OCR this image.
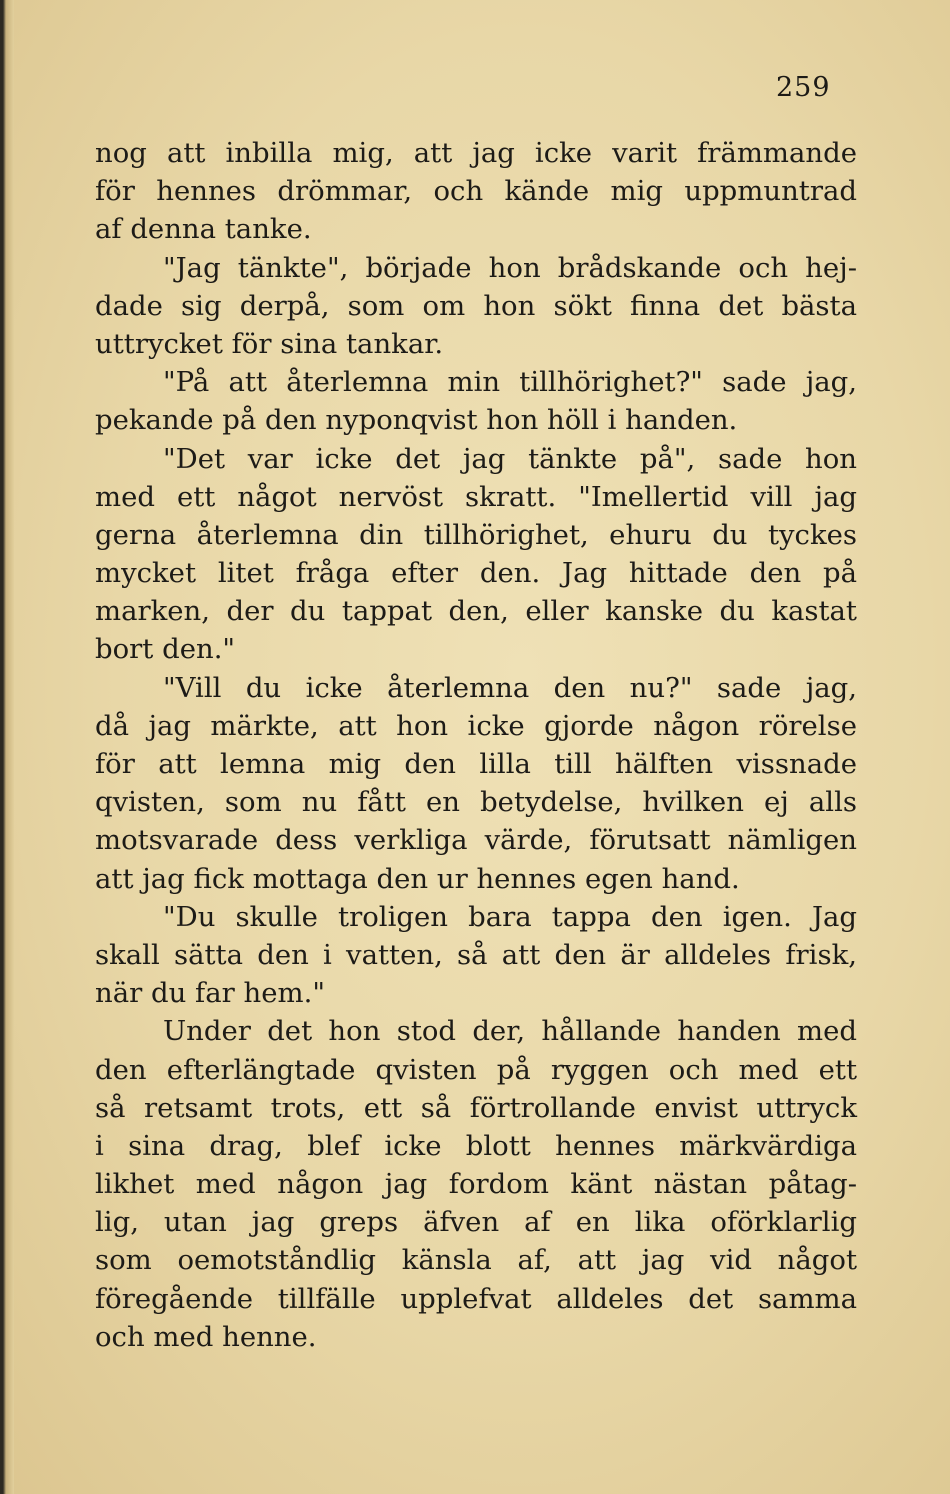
259
nog att inbilla mig, att jag icke varit främmande
för hennes drömmar, och kände mig uppmuntrad
af denna tanke.
"Jag tänkte", började hon brådskande och hej-
dade sig derpå, som om hon sökt finna det bästa
uttrycket för sina tankar.
"På att återlemna min tillhörighet?" sade jag,
pekande på den nyponqvist hon höll i handen.
"Det var icke det jag tänkte på", sade hon
med ett något nervöst skratt. "Imellertid vill jag
gerna återlemna din tillhörighet, ehuru du tyckes
mycket litet fråga efter den. Jag hittade den på
marken, der du tappat den, eller kanske du kastat
bort den."
"Vill du icke återlemna den nu?" sade jag,
då jag märkte, att hon icke gjorde någon rörelse
för att lemna mig den lilla till hälften vissnade
qvisten, som nu fått en betydelse, hvilken ej alls
motsvarade dess verkliga värde, förutsatt nämligen
att jag fick mottaga den ur hennes egen hand.
"Du skulle troligen bara tappa den igen. Jag
skall sätta den i vatten, så att den är alldeles frisk,
när du far hem."
Under det hon stod der, hållande handen med
den efterlängtade qvisten på ryggen och med ett
så retsamt trots, ett så förtrollande envist uttryck
i sina drag, blef icke blott hennes märkvärdiga
likhet med någon jag fordom känt nästan påtag-
lig, utan jag greps äfven af en lika oförklarlig
som oemotståndlig känsla af, att jag vid något
föregående tillfälle upplefvat alldeles det samma
och med henne.
